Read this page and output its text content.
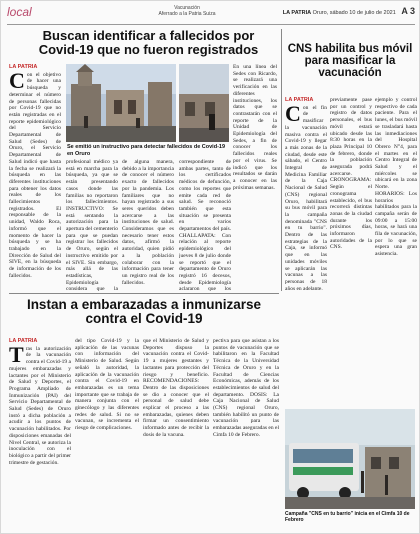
local	Vacunación
Aferrado a la Patria Suiza	LA PATRIA Oruro, sábado 10 de julio de 2021 A 3
Buscan identificar a fallecidos por Covid-19 que no fueron registrados

LA PATRIA
C on el objetivo de hacer una búsqueda y determinar el número de personas fallecidas por Covid-19 que no están registradas en el reporte epidemiológico del Servicio Departamental de Salud (Sedes) de Oruro, el Servicio Departamental de Salud indicó que hasta la fecha se realizará la búsqueda en las diferentes instituciones para obtener los datos reales de los fallecimientos registrados. El responsable de la unidad, Waldo Roca, informó que el momento de hacer la búsqueda y se ha trabajado en la Dirección de Salud del SIVE, en la búsqueda de información de los fallecidos.

Se emitió un instructivo para detectar fallecidos de Covid-19 en Oruro

profesional médico ya está en marcha para la búsqueda, ya que se están presentando casos donde las familias no reportaron los fallecimientos. INSTRUCTIVO: Se está sentando la autorización para la apertura del cementerio para que se puedan registrar los fallecidos de Oruro, según el instructivo emitido por el SIVE. Sin embargo, más allá de las estadísticas, Epidemiología considera que la

de alguna manera, debido a la importancia de conocer el número exacto de fallecidos por la pandemia. Los familiares que no hayan registrado a sus seres queridos deben acercarse a las instituciones de salud. Consideramos que es necesario tener estos datos, afirmó la autoridad, quien pidió a la población colaborar con la información para tener un registro real de los fallecidos.

correspondiente de ambas partes, tanto de los certificados médicos de defunción, como los reportes que emite cada red de salud. Se reconoció también que esta situación se presenta en varios departamentos del país. CHALLAPATA: Con relación al reporte epidemiológico del jueves 8 de julio donde se reportó que el departamento de Oruro registró 16 decesos, desde Epidemiología aclararon que los

En una línea del Sedes con Ricardo, se realizará una verificación en las diferentes instituciones, los datos que se contrastarán con el reporte de la Unidad de Epidemiología del Sedes, a fin de conocer los fallecidos reales por el virus. Se indicó que los resultados se darán a conocer en las próximas semanas.

CNS habilita bus móvil para masificar la vacunación

LA PATRIA
C on el fin de masificar la vacunación masiva contra el Covid-19 y llegar a más zonas de la ciudad, desde este sábado, el Centro Integral de Medicina Familiar de la Caja Nacional de Salud (CNS) regional Oruro, habilitará su bus móvil para la campaña denominada "CNS en tu barrio". Dentro de las estrategias de la Caja, se informó que en las unidades móviles se aplicarán las vacunas a las personas de 18 años en adelante.

previamente pase por un control y registro de datos personales, el bus móvil estará ubicado desde las 8:30 horas en la plaza Principal 10 de febrero, donde la población asegurada podrá acercarse. CRONOGRAMA: Según el cronograma establecido, el bus recorrerá distintas zonas de la ciudad durante los próximos días, informaron autoridades de la CNS.

ejemplo y control respectivo de cada paciente. Para el lunes, el bus móvil se trasladará hasta las inmediaciones del Hospital Obrero N°4, para el martes en el Centro Integral de Salud y el miércoles se ubicará en la zona Norte. HORARIOS: Los horarios habilitados para la campaña serán de 09:00 a 15:00 horas, se hará una fila de vacunación, por lo que se espera una gran asistencia.

Campaña "CNS en tu barrio" inicia en el Cimfa 10 de Febrero
Instan a embarazadas a inmunizarse contra el Covid-19

LA PATRIA
T ras la autorización de la vacunación contra el Covid-19 a mujeres embarazadas y lactantes por el Ministerio de Salud y Deportes, el Programa Ampliado de Inmunización (PAI) del Servicio Departamental de Salud (Sedes) de Oruro instó a dicha población a acudir a los puntos de vacunación habilitados. Por disposiciones emanadas del Nivel Central, se autoriza la inoculación con el biológico a partir del primer trimestre de gestación.

del tipo Covid-19 y la aplicación de las vacunas con información del Ministerio de Salud. Según señaló la autoridad, la aplicación de la vacunación contra el Covid-19 en embarazadas es un tema importante que se trabaja de manera conjunta con el ginecólogo y las diferentes redes de salud. Si no se vacunan, se incrementa el riesgo de complicaciones.

que el Ministerio de Salud y Deportes dispuso la vacunación contra el Covid-19 a mujeres gestantes y lactantes para protección del riesgo y beneficio. RECOMENDACIONES: Dentro de las disposiciones se dio a conocer que el personal de salud debe explicar el proceso a las embarazadas, quienes deben firmar un consentimiento informado antes de recibir la dosis de la vacuna.

pectiva para que asistan a los puntos de vacunación que se habilitaron en la Facultad Técnica de la Universidad Técnica de Oruro y en la Facultad de Ciencias Económicas, además de los establecimientos de salud del departamento. DOSIS: La Caja Nacional de Salud (CNS) regional Oruro, también habilitó un punto de vacunación para las embarazadas aseguradas en el Cimfa 10 de Febrero.
